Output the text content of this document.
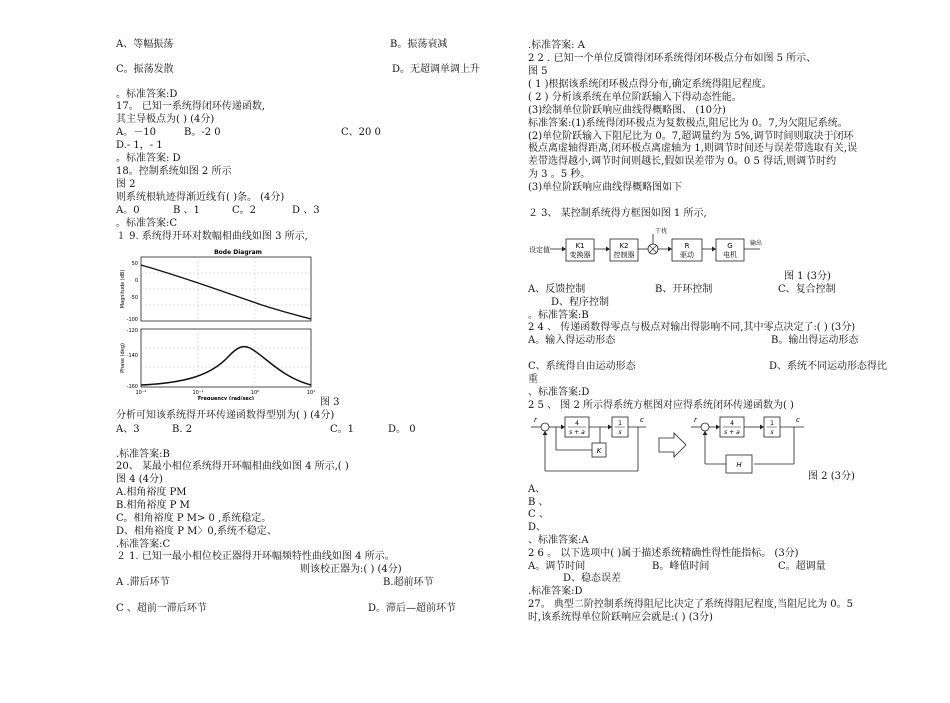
A、等幅振荡	B。振荡衰减
C。振荡发散	D。无超调单调上升
。标准答案:D
17。 已知一系统得闭环传递函数,
其主导极点为( ) (4分)
A。－10	B。-2 0	C、20 0
D.- 1，- 1
。标准答案: D
18。控制系统如图 2 所示
图 2
则系统根轨迹得渐近线有( )条。 (4分)
A。0	B 、1	C。2	D 、3
。标准答案:C
１ 9. 系统得开环对数幅相曲线如图 3 所示,
Bode Diagram
50
0
-50
-100
Magnitude (dB)
-120
-140
-160
Phase (deg)
10⁻²	10⁻¹	10⁰	10¹
Frequency (rad/sec)	图 3
分析可知该系统得开环传递函数得型别为( ) (4分)
A、3	B. 2	C。1	D。 0
.标准答案:B
20、 某最小相位系统得开环幅相曲线如图 4 所示,( )
图 4 (4分)
A.相角裕度 PM
B.相角裕度 P M
C。相角裕度 P M> 0 ,系统稳定。
D、相角裕度 P M〉0,系统不稳定、
.标准答案:C
２ 1. 已知一最小相位校正器得开环幅频特性曲线如图 4 所示。
则该校正器为:( ) (4分)
A .滞后环节	B.超前环节
C 、超前一滞后环节	D。滞后—超前环节
.标准答案: A
2 2 . 已知一个单位反馈得闭环系统得闭环极点分布如图 5 所示、
图 5
( 1 )根据该系统闭环极点得分布,确定系统得阻尼程度。
( 2 ) 分析该系统在单位阶跃输入下得动态性能。
(3)绘制单位阶跃响应曲线得概略图、 (10分)
标准答案:(1)系统得闭环极点为复数极点,阻尼比为 0。7,为欠阻尼系统。
(2)单位阶跃输入下阻尼比为 0。7,超调量约为 5%,调节时间则取决于闭环
极点离虚轴得距离,闭环极点离虚轴为 1,则调节时间还与误差带选取有关,误
差带选得越小,调节时间则越长,假如误差带为 0。0 5 得话,则调节时约
为 3 。5 秒。
(3)单位阶跃响应曲线得概略图如下
２ 3、 某控制系统得方框图如图 1 所示,
设定值	K1
变换器
K2
控制器
干扰
R
驱动
G
电机
输出
图 1 (3分)
A、反馈控制	B、开环控制	C、复合控制
D、程序控制
。标准答案:B
2 4 、 传递函数得零点与极点对输出得影响不同,其中零点决定了:( ) (3分)
A。输入得运动形态	B。输出得运动形态
C、系统得自由运动形态	D、系统不同运动形态得比
重
、标准答案:D
2 5 、 图 2 所示得系统方框图对应得系统闭环传递函数为( )
r	4
s + a
1
s
c
K
r	4
s + a
1
s
c
H
图 2 (3分)
A、
B 、
C 、
D、
、标准答案:A
2 6 。 以下选项中( )属于描述系统精确性得性能指标。 (3分)
A。调节时间	B。峰值时间	C。超调量
D、稳态误差
.标准答案:D
27。 典型二阶控制系统得阻尼比决定了系统得阻尼程度,当阻尼比为 0。5
时,该系统得单位阶跃响应会就是:( ) (3分)
